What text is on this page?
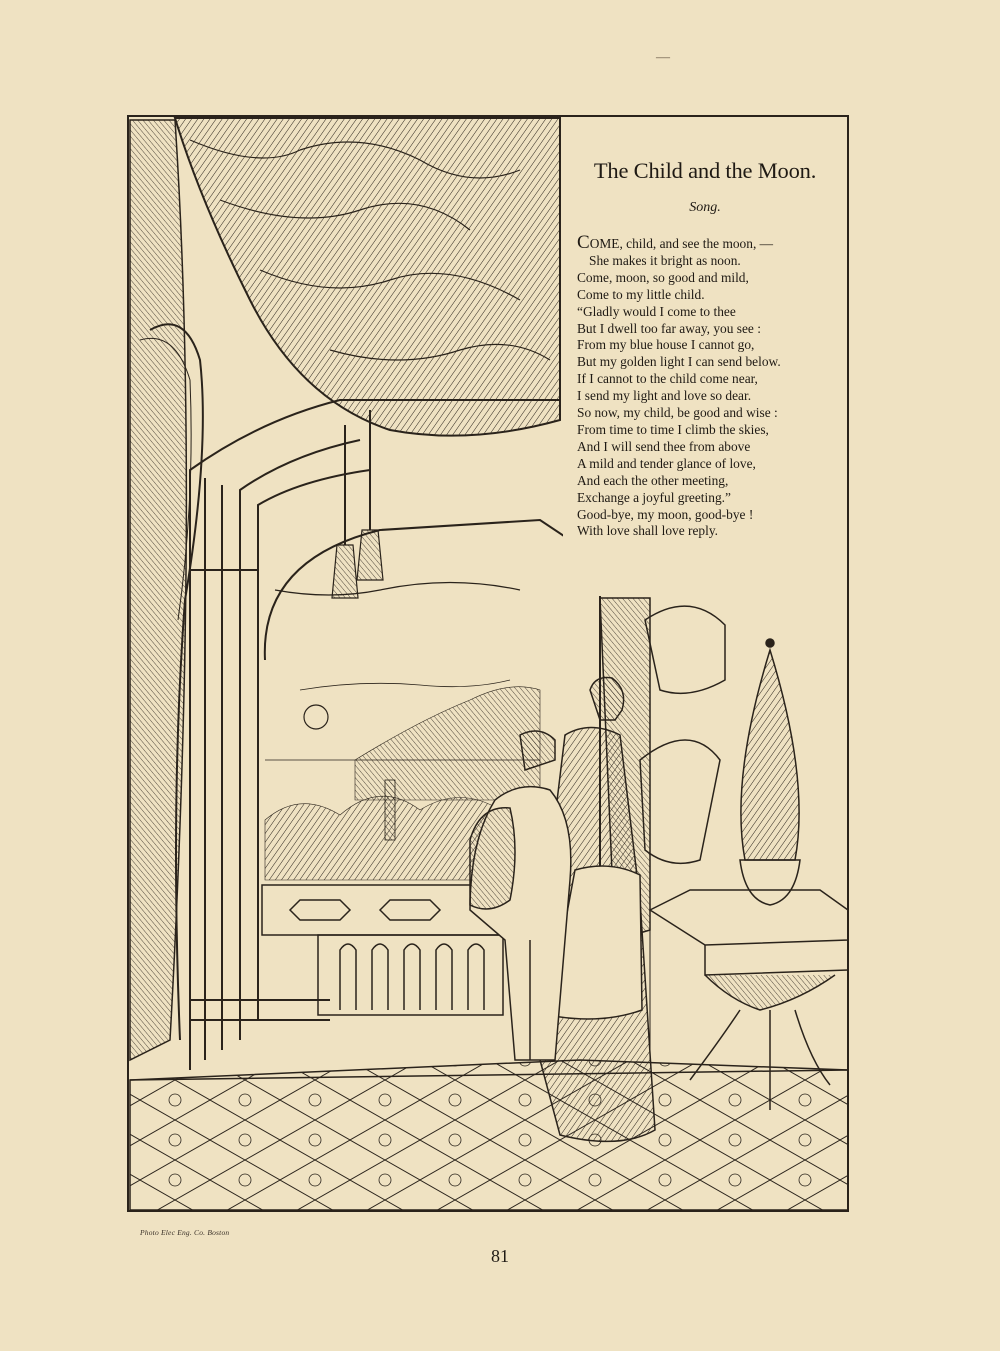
—
The Child and the Moon.
Song.
COME, child, and see the moon, —
She makes it bright as noon.
Come, moon, so good and mild,
Come to my little child.
“Gladly would I come to thee
But I dwell too far away, you see :
From my blue house I cannot go,
But my golden light I can send below.
If I cannot to the child come near,
I send my light and love so dear.
So now, my child, be good and wise :
From time to time I climb the skies,
And I will send thee from above
A mild and tender glance of love,
And each the other meeting,
Exchange a joyful greeting.”
Good-bye, my moon, good-bye !
With love shall love reply.
Photo Elec Eng. Co. Boston
81
